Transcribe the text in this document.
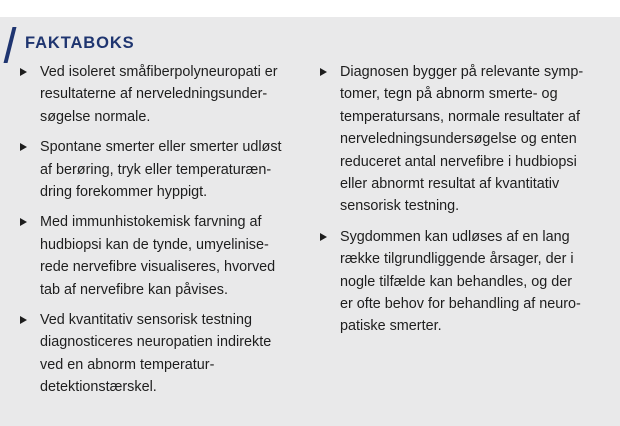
FAKTABOKS
Ved isoleret småfiberpolyneuropati er
resultaterne af nerveledningsunder-
søgelse normale.
Spontane smerter eller smerter udløst
af berøring, tryk eller temperaturæn-
dring forekommer hyppigt.
Med immunhistokemisk farvning af
hudbiopsi kan de tynde, umyelinise-
rede nervefibre visualiseres, hvorved
tab af nervefibre kan påvises.
Ved kvantitativ sensorisk testning
diagnosticeres neuropatien indirekte
ved en abnorm temperatur-
detektionstærskel.
Diagnosen bygger på relevante symp-
tomer, tegn på abnorm smerte- og
temperatursans, normale resultater af
nerveledningsundersøgelse og enten
reduceret antal nervefibre i hudbiopsi
eller abnormt resultat af kvantitativ
sensorisk testning.
Sygdommen kan udløses af en lang
række tilgrundliggende årsager, der i
nogle tilfælde kan behandles, og der
er ofte behov for behandling af neuro-
patiske smerter.
